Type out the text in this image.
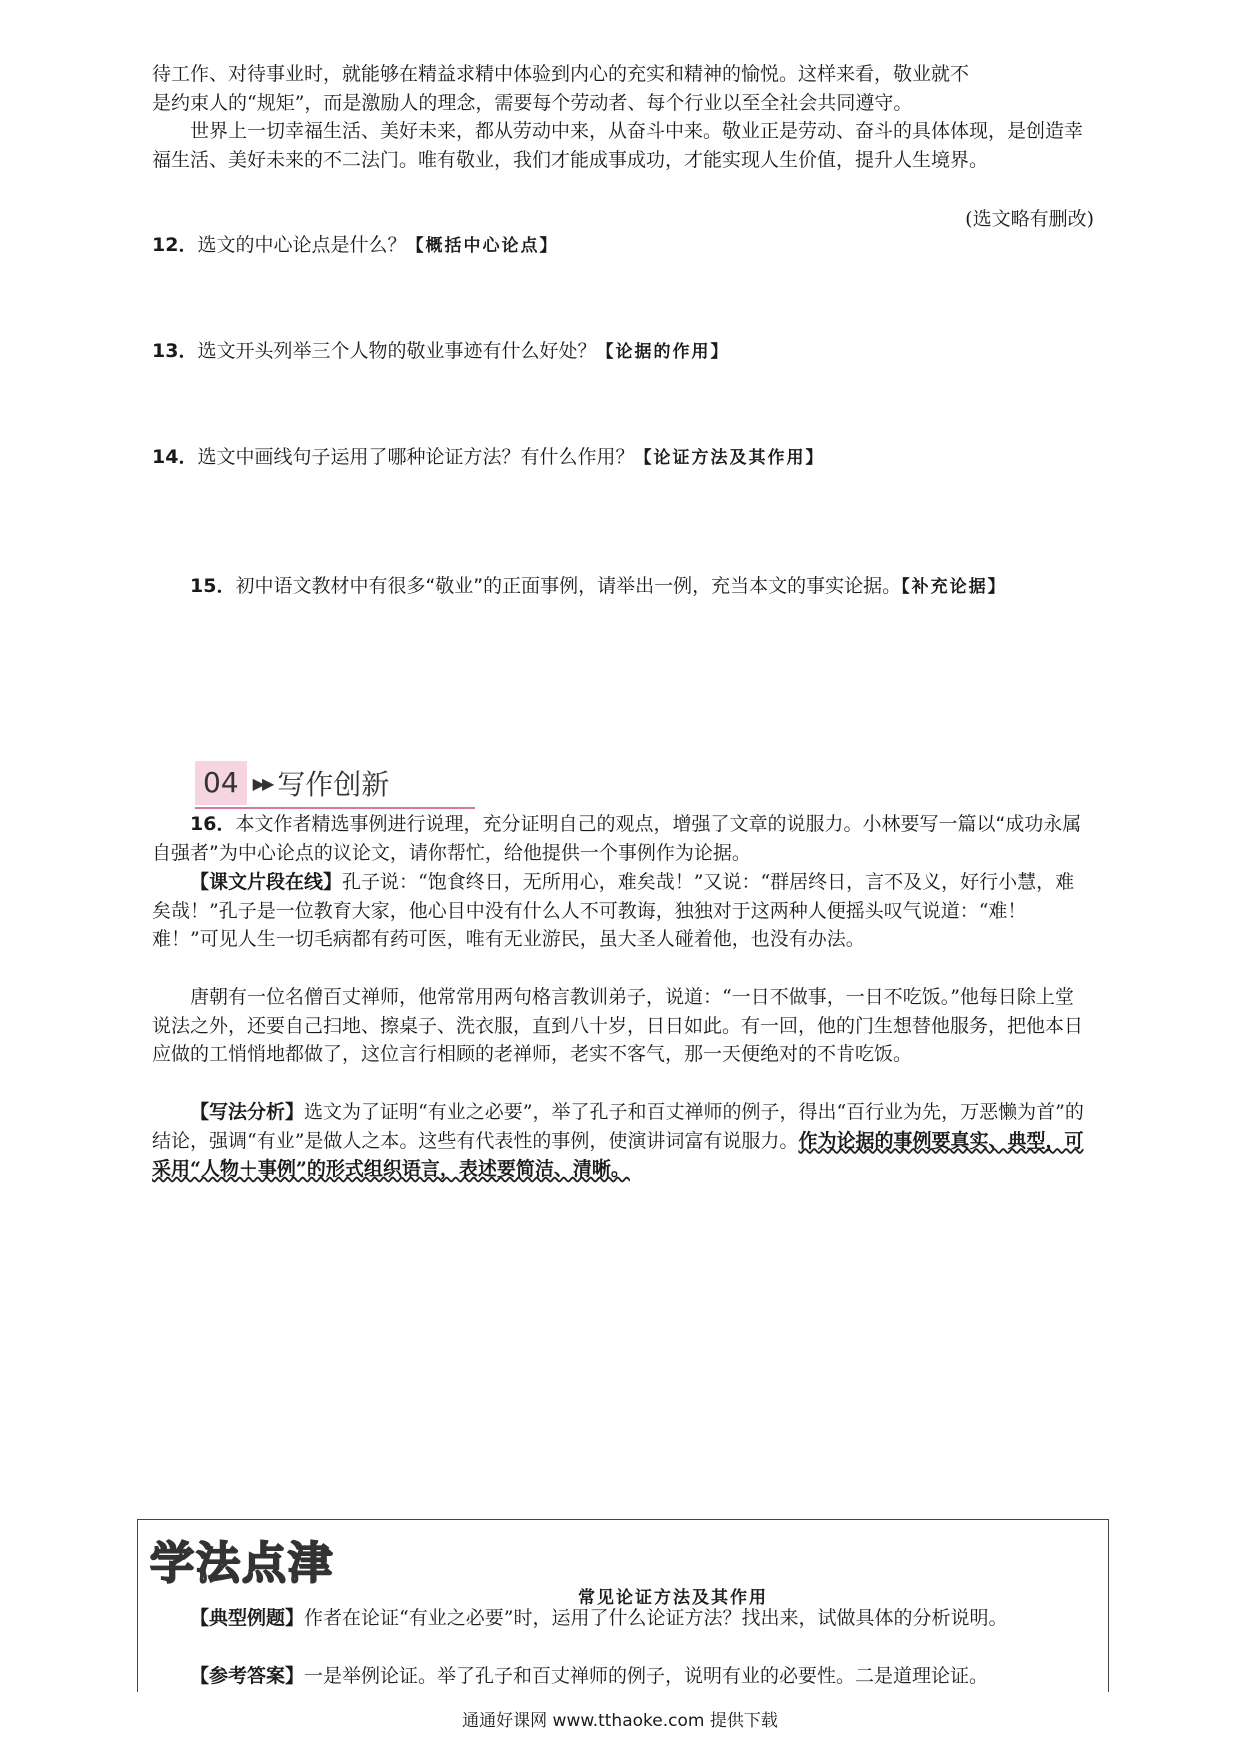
待工作、对待事业时，就能够在精益求精中体验到内心的充实和精神的愉悦。这样来看，敬业就不
是约束人的“规矩”，而是激励人的理念，需要每个劳动者、每个行业以至全社会共同遵守。
世界上一切幸福生活、美好未来，都从劳动中来，从奋斗中来。敬业正是劳动、奋斗的具体体现，是创造幸福生活、美好未来的不二法门。唯有敬业，我们才能成事成功，才能实现人生价值，提升人生境界。
(选文略有删改)
12．选文的中心论点是什么？【概括中心论点】
13．选文开头列举三个人物的敬业事迹有什么好处？【论据的作用】
14．选文中画线句子运用了哪种论证方法？有什么作用？【论证方法及其作用】
15．初中语文教材中有很多“敬业”的正面事例，请举出一例，充当本文的事实论据。【补充论据】
04 ▶▶ 写作创新
16．本文作者精选事例进行说理，充分证明自己的观点，增强了文章的说服力。小林要写一篇以“成功永属自强者”为中心论点的议论文，请你帮忙，给他提供一个事例作为论据。
【课文片段在线】孔子说：“饱食终日，无所用心，难矣哉！”又说：“群居终日，言不及义，好行小慧，难矣哉！”孔子是一位教育大家，他心目中没有什么人不可教诲，独独对于这两种人便摇头叹气说道：“难！难！”可见人生一切毛病都有药可医，唯有无业游民，虽大圣人碰着他，也没有办法。
唐朝有一位名僧百丈禅师，他常常用两句格言教训弟子，说道：“一日不做事，一日不吃饭。”他每日除上堂说法之外，还要自己扫地、擦桌子、洗衣服，直到八十岁，日日如此。有一回，他的门生想替他服务，把他本日应做的工悄悄地都做了，这位言行相顾的老禅师，老实不客气，那一天便绝对的不肯吃饭。
【写法分析】选文为了证明“有业之必要”，举了孔子和百丈禅师的例子，得出“百行业为先，万恶懒为首”的结论，强调“有业”是做人之本。这些有代表性的事例，使演讲词富有说服力。作为论据的事例要真实、典型，可采用“人物＋事例”的形式组织语言，表述要简洁、清晰。
学法点津
常见论证方法及其作用
【典型例题】作者在论证“有业之必要”时，运用了什么论证方法？找出来，试做具体的分析说明。
【参考答案】一是举例论证。举了孔子和百丈禅师的例子，说明有业的必要性。二是道理论证。
通通好课网 www.tthaoke.com 提供下载
